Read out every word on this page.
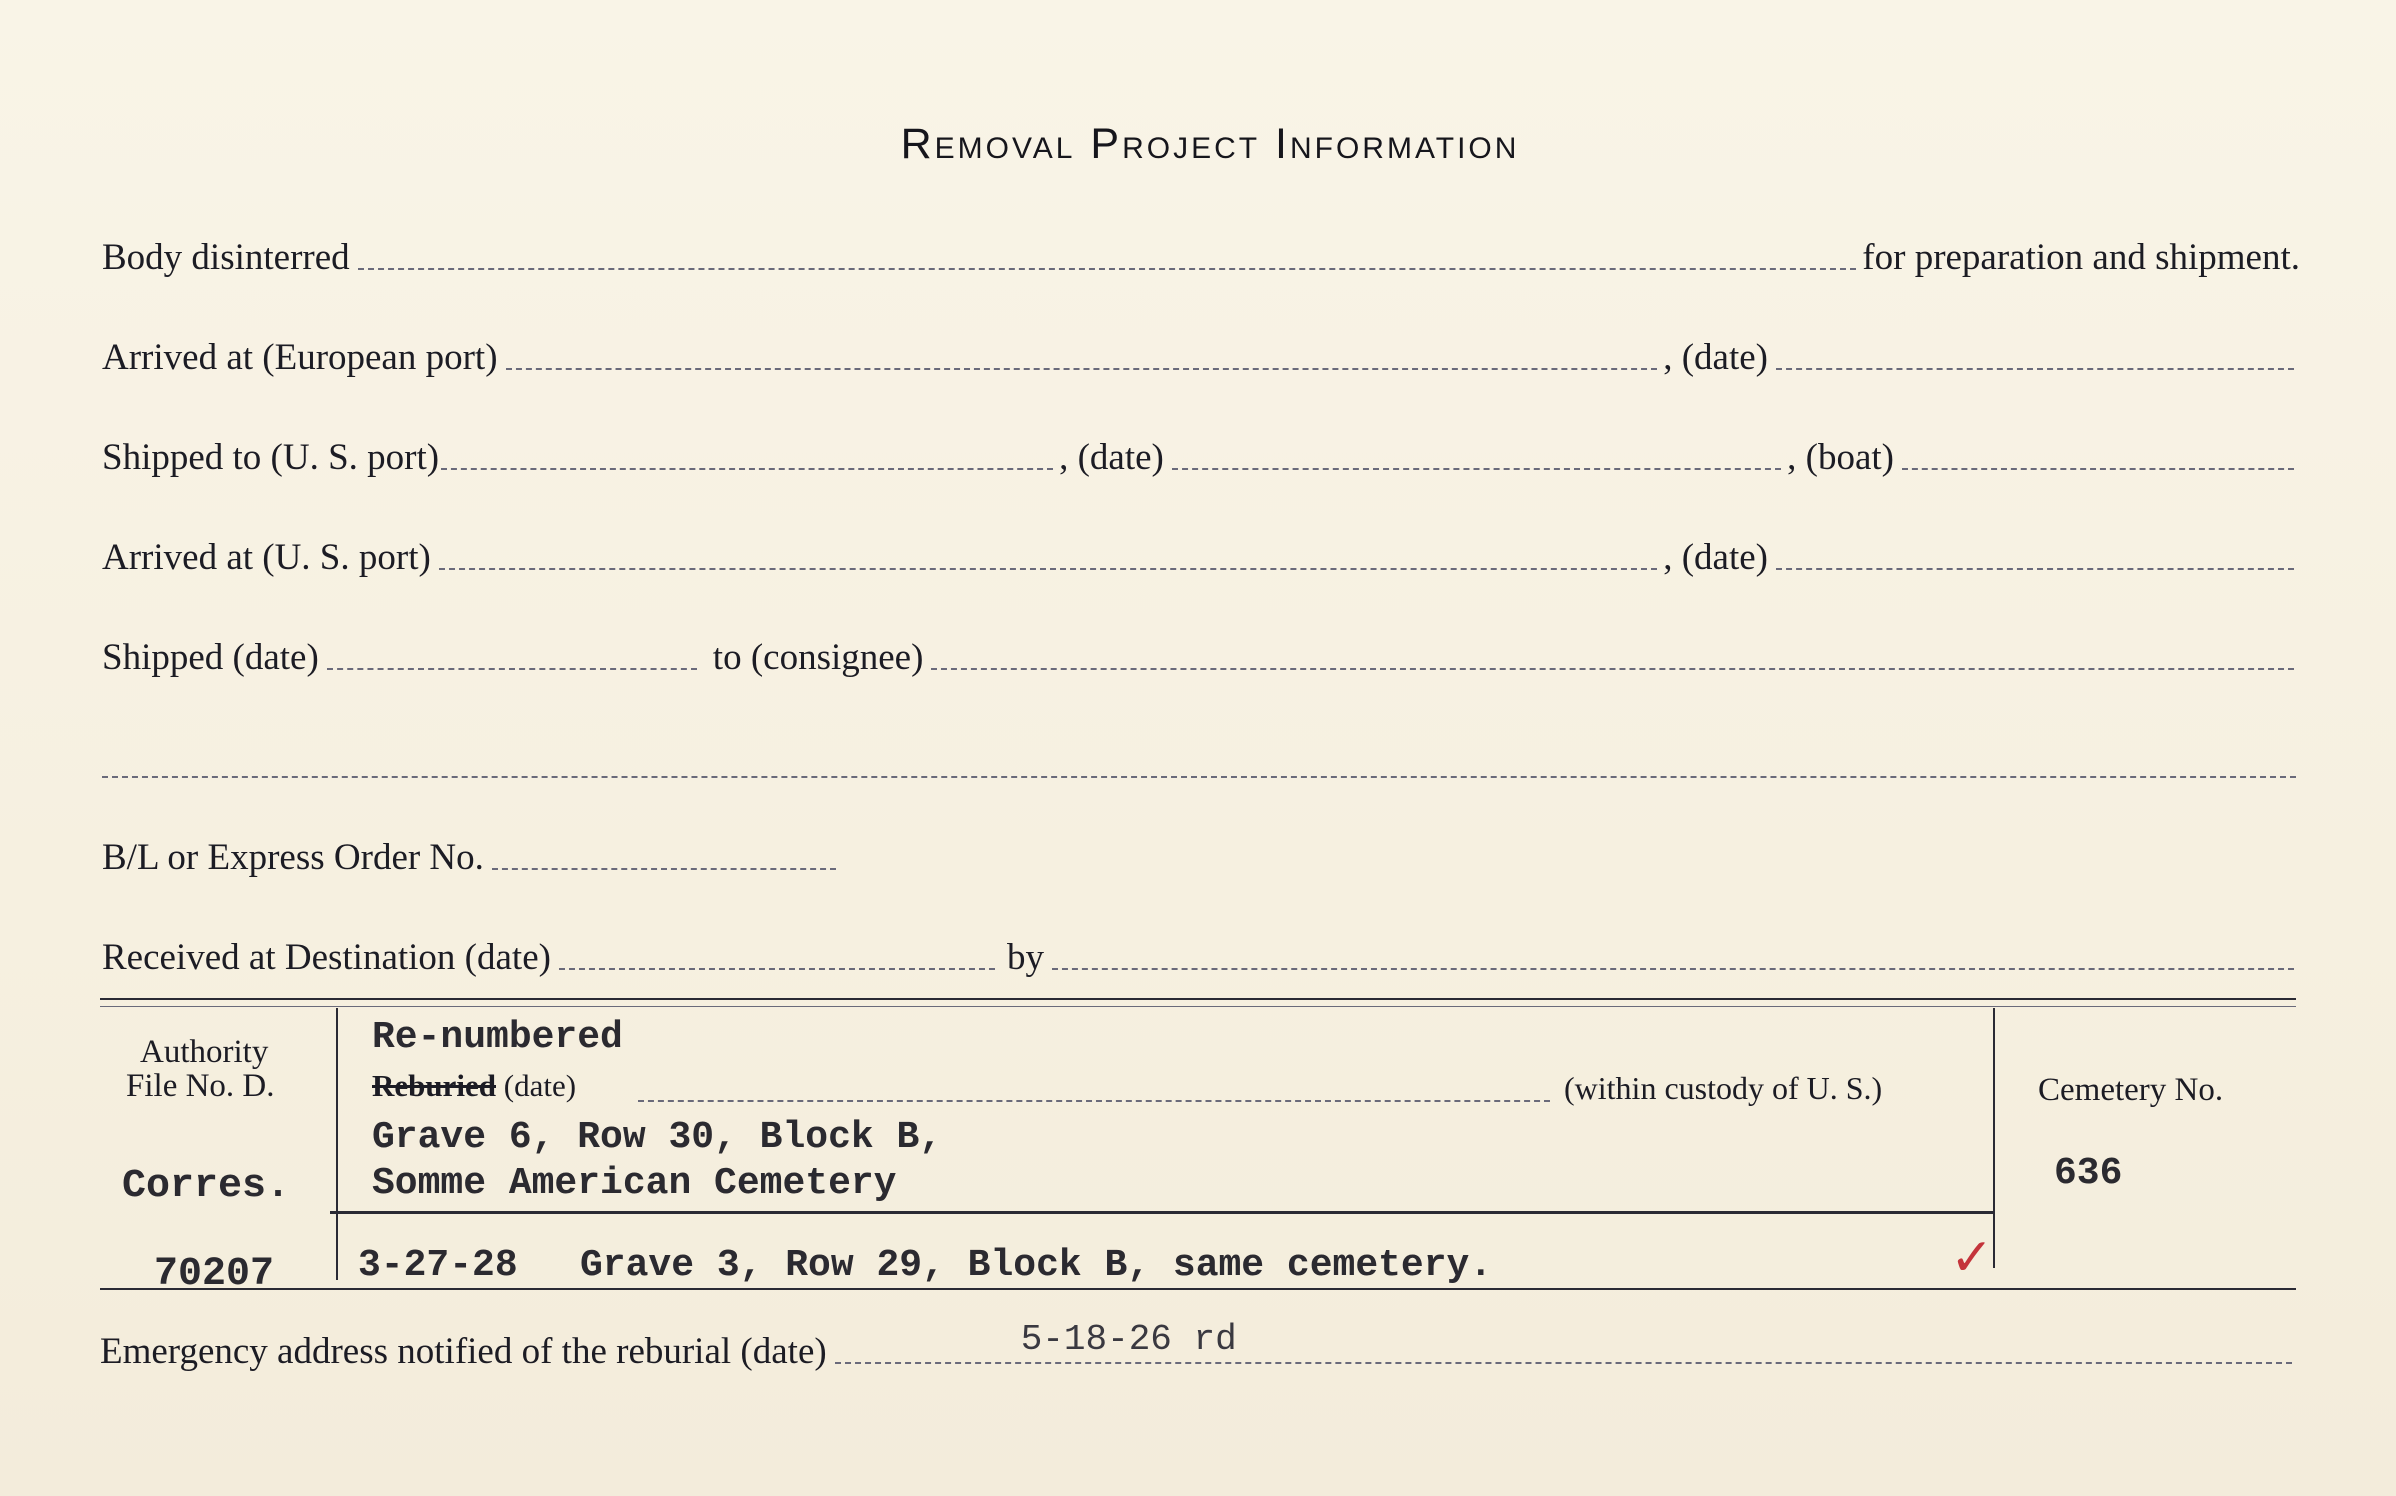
Removal Project Information
Body disinterred	for preparation and shipment.
Arrived at (European port)	, (date)
Shipped to (U. S. port)	, (date)	, (boat)
Arrived at (U. S. port)	, (date)
Shipped (date)	to (consignee)
B/L or Express Order No.
Received at Destination (date)	by
Authority
File No. D.
Corres.
70207
Re-numbered
Reburied (date)	(within custody of U. S.)
Grave 6, Row 30, Block B,
Somme American Cemetery
Cemetery No.
636
3-27-28 Grave 3, Row 29, Block B, same cemetery.	✓
Emergency address notified of the reburial (date)	5-18-26 rd
